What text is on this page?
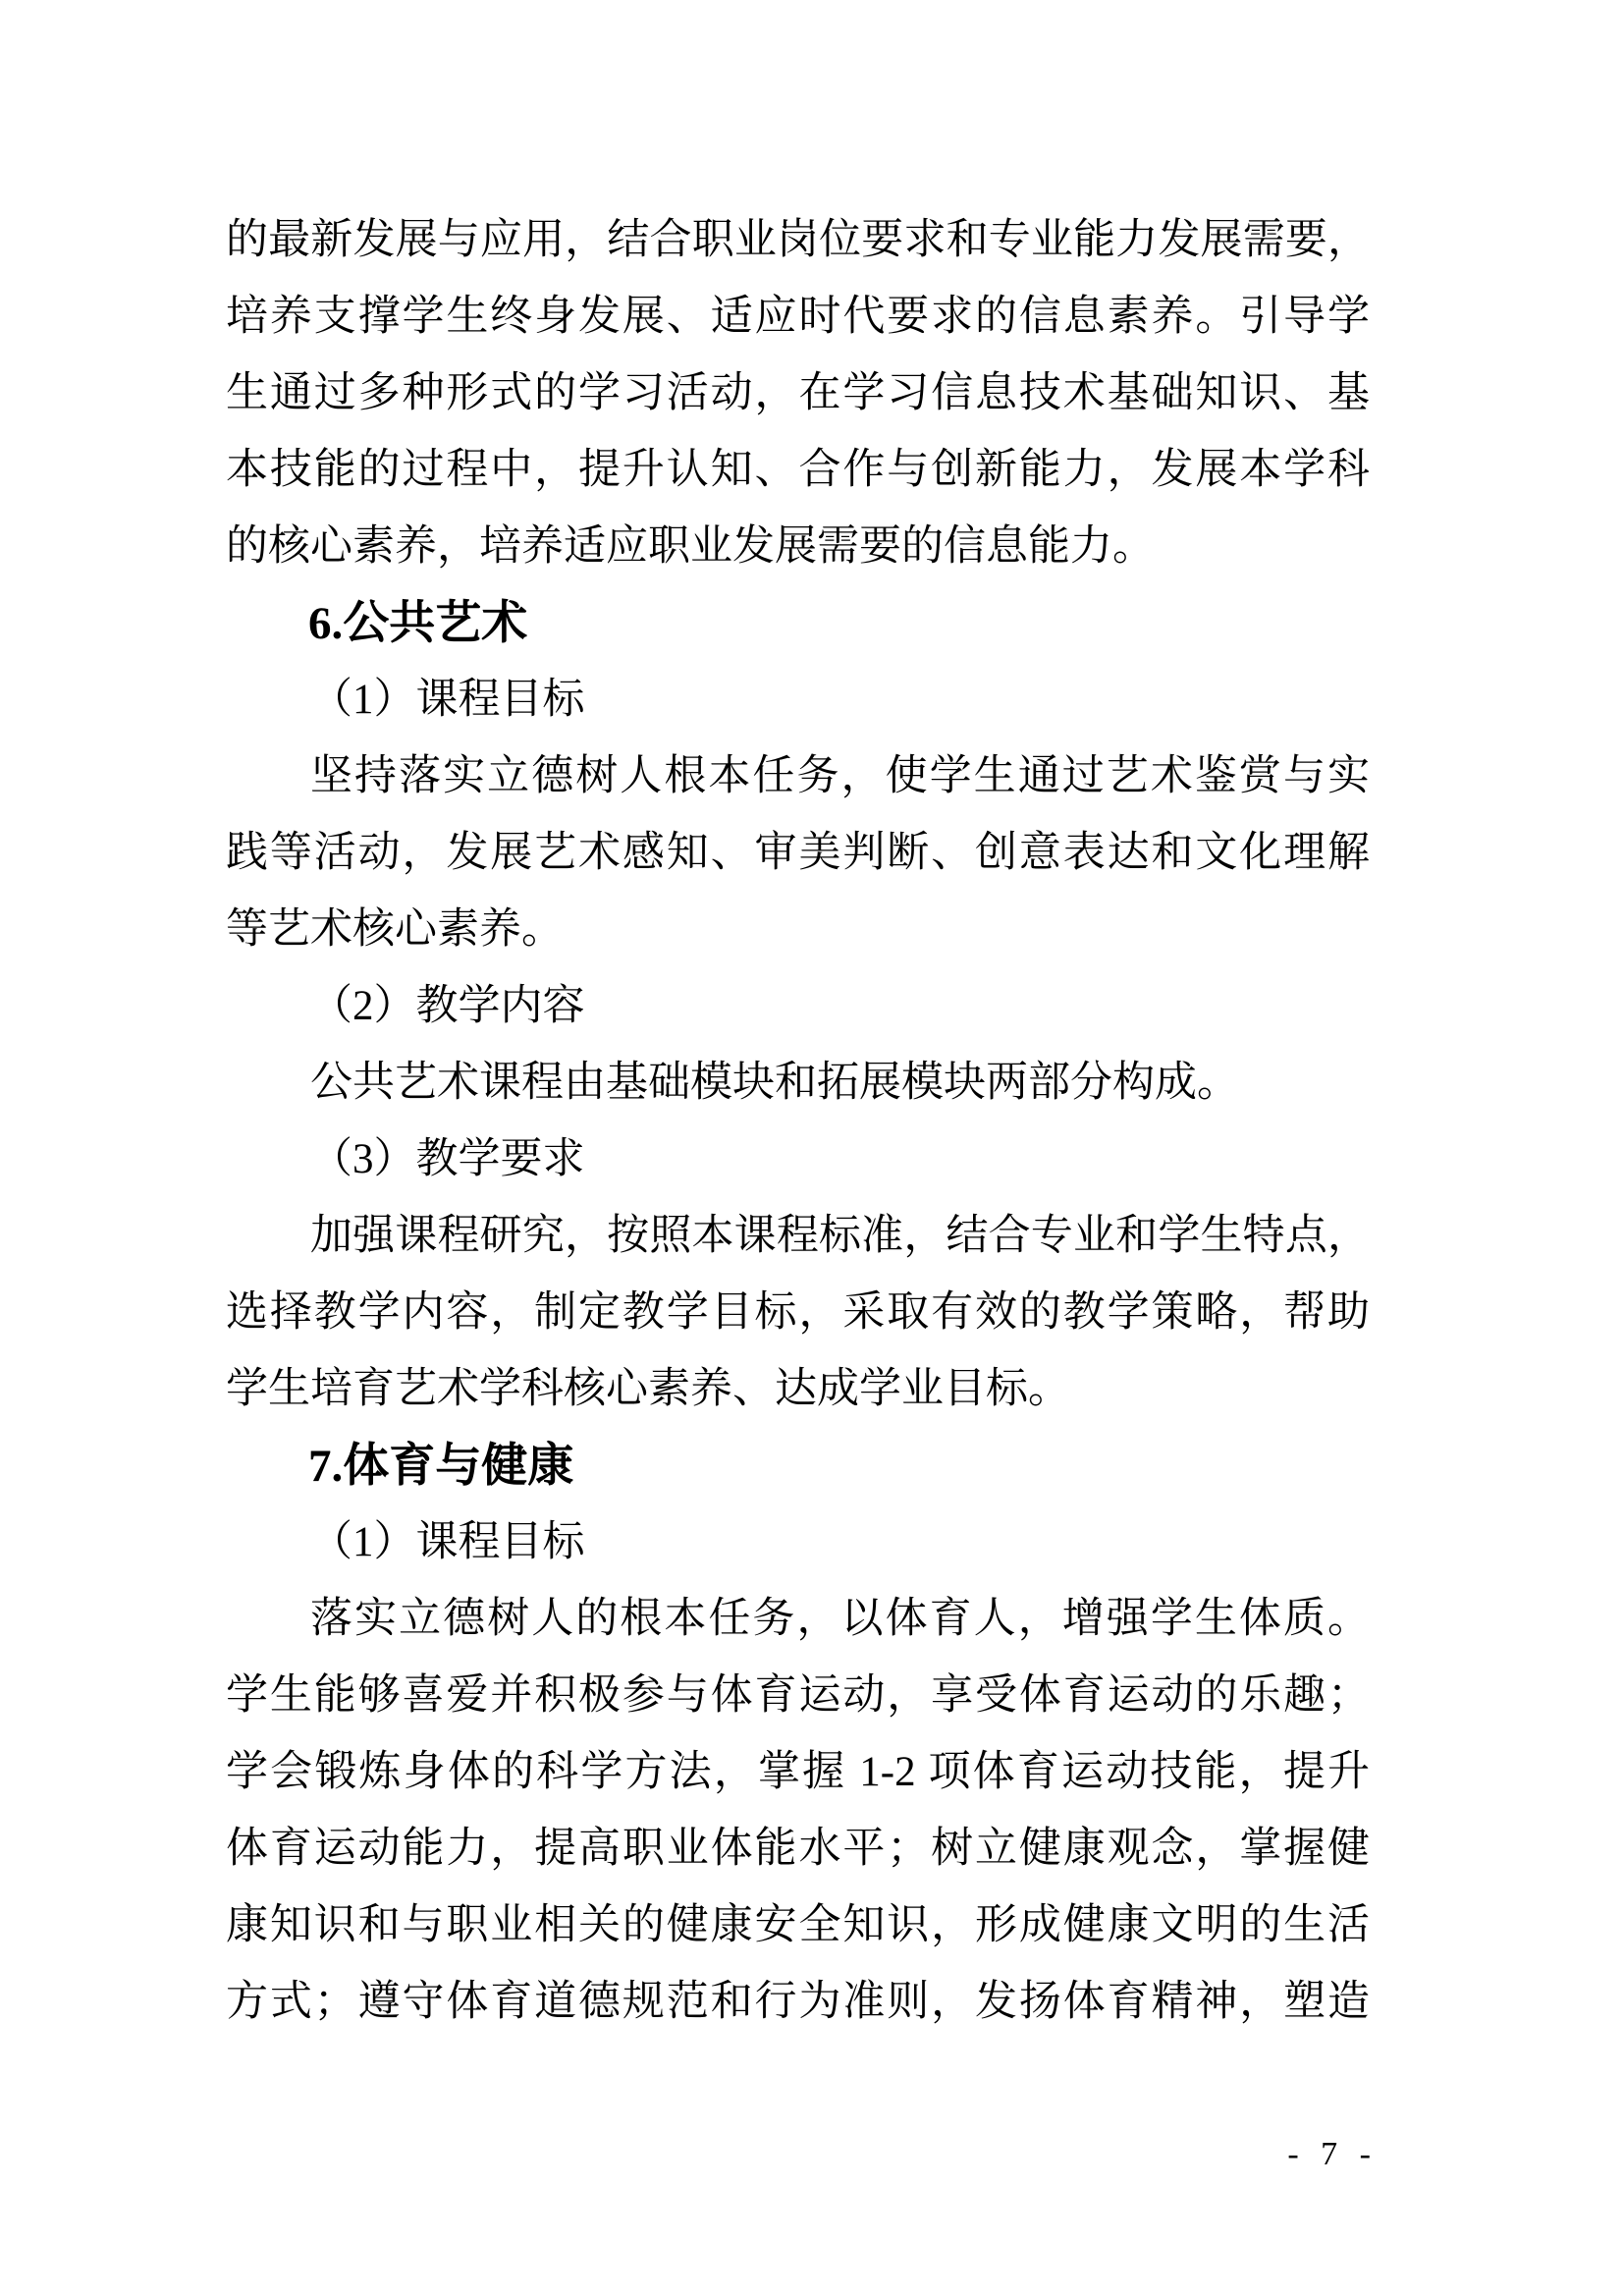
的最新发展与应用，结合职业岗位要求和专业能力发展需要，
培养支撑学生终身发展、适应时代要求的信息素养。引导学
生通过多种形式的学习活动，在学习信息技术基础知识、基
本技能的过程中，提升认知、合作与创新能力，发展本学科
的核心素养，培养适应职业发展需要的信息能力。
6.公共艺术
（1）课程目标
坚持落实立德树人根本任务，使学生通过艺术鉴赏与实
践等活动，发展艺术感知、审美判断、创意表达和文化理解
等艺术核心素养。
（2）教学内容
公共艺术课程由基础模块和拓展模块两部分构成。
（3）教学要求
加强课程研究，按照本课程标准，结合专业和学生特点，
选择教学内容，制定教学目标，采取有效的教学策略，帮助
学生培育艺术学科核心素养、达成学业目标。
7.体育与健康
（1）课程目标
落实立德树人的根本任务，以体育人，增强学生体质。
学生能够喜爱并积极参与体育运动，享受体育运动的乐趣；
学会锻炼身体的科学方法，掌握 1-2 项体育运动技能，提升
体育运动能力，提高职业体能水平；树立健康观念，掌握健
康知识和与职业相关的健康安全知识，形成健康文明的生活
方式；遵守体育道德规范和行为准则，发扬体育精神，塑造
- 7 -
